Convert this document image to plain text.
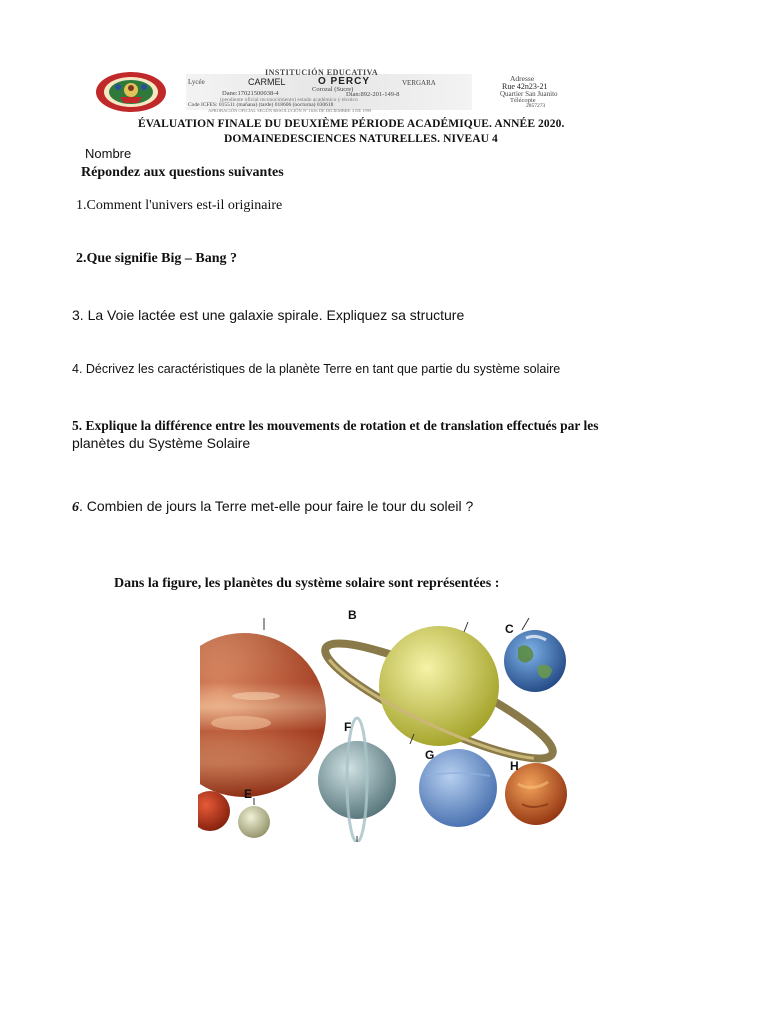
INSTITUCIÓN EDUCATIVA
Lycée	CARMEL	O PERCY	VERGARA
Corozal (Sucre)
Dane:17021500038-4	Dian:892-201-149-8
(pendiente oficial reconocimiento) estado académico y técnico
Code ICFES: 015511 (mañana) (tarde) 018606 (nocturna) 030618
APROBACIÓN OFICIAL SEGÚN RESOLUCIÓN Nº 1636 DE DICIEMBRE 3 DE 1999
Adresse
Rue 42n23-21
Quartier San Juanito
Télécopie
2857273
ÉVALUATION FINALE DU DEUXIÈME PÉRIODE ACADÉMIQUE. ANNÉE 2020.
DOMAINEDESCIENCES NATURELLES. NIVEAU 4
Nombre
Répondez aux questions suivantes
1.Comment l'univers est-il originaire
2.Que signifie Big – Bang ?
3. La Voie lactée est une galaxie spirale. Expliquez sa structure
4. Décrivez les caractéristiques de la planète Terre en tant que partie du système solaire
5. Explique la différence entre les mouvements de rotation et de translation effectués par les
planètes du Système Solaire
6. Combien de jours la Terre met-elle pour faire le tour du soleil ?
Dans la figure, les planètes du système solaire sont représentées :
B
C
F
G
H
E
